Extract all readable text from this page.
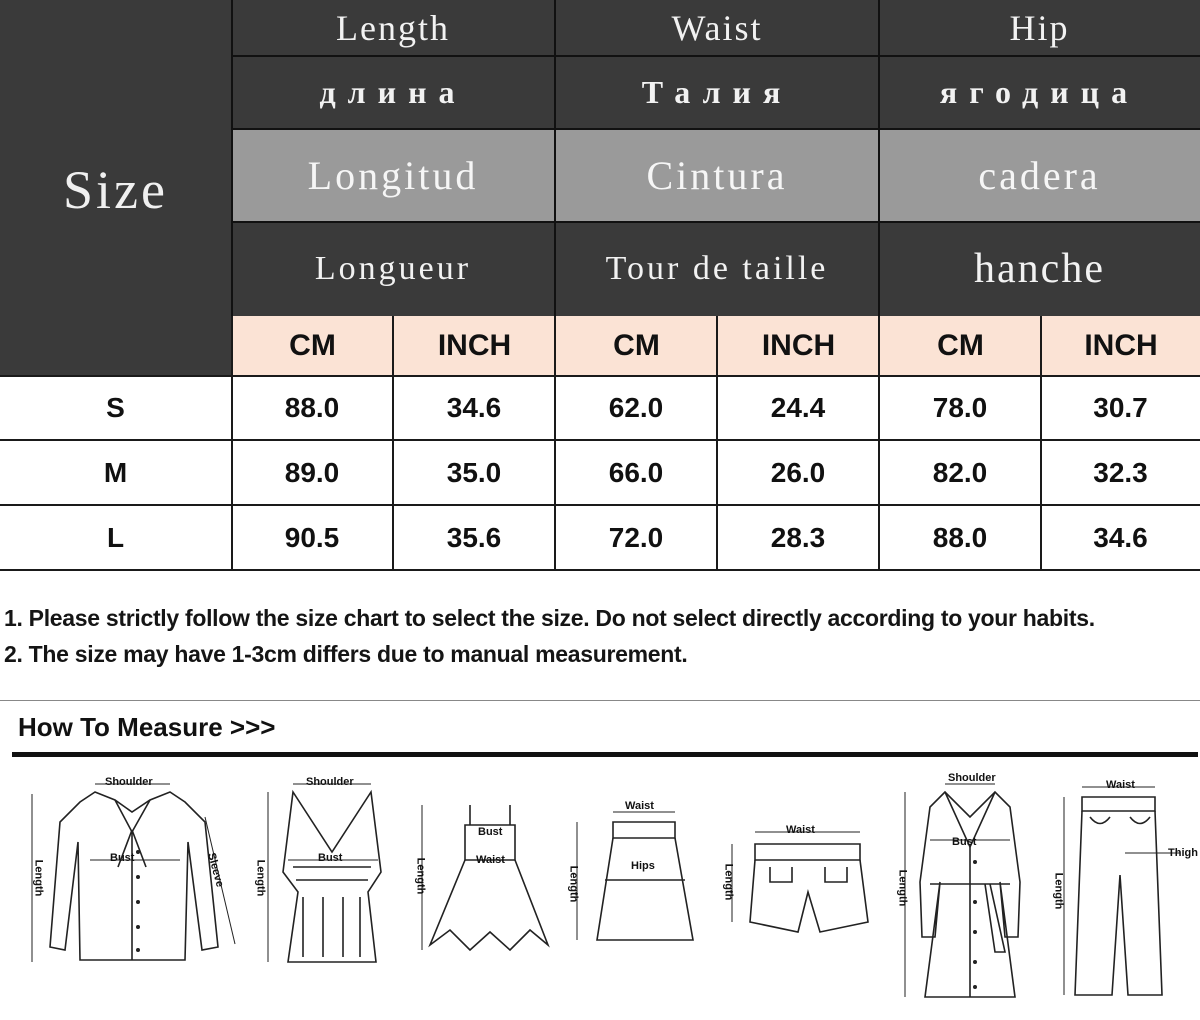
Size
Length	Waist	Hip
длина	Талия	ягодица
Longitud	Cintura	cadera
Longueur	Tour de taille	hanche
CM	INCH	CM	INCH	CM	INCH
S	88.0	34.6	62.0	24.4	78.0	30.7
M	89.0	35.0	66.0	26.0	82.0	32.3
L	90.5	35.6	72.0	28.3	88.0	34.6
1. Please strictly follow the size chart to select the size. Do not select directly according to your habits.
2. The size may have 1-3cm differs due to manual measurement.
How To Measure >>>
Shoulder
Bust
Length	Sleeve
Shoulder
Bust
Length
Bust
Waist
Length
Waist
Hips
Length
Waist
Length
Shoulder
Bust
Length
Waist
Thigh
Length
